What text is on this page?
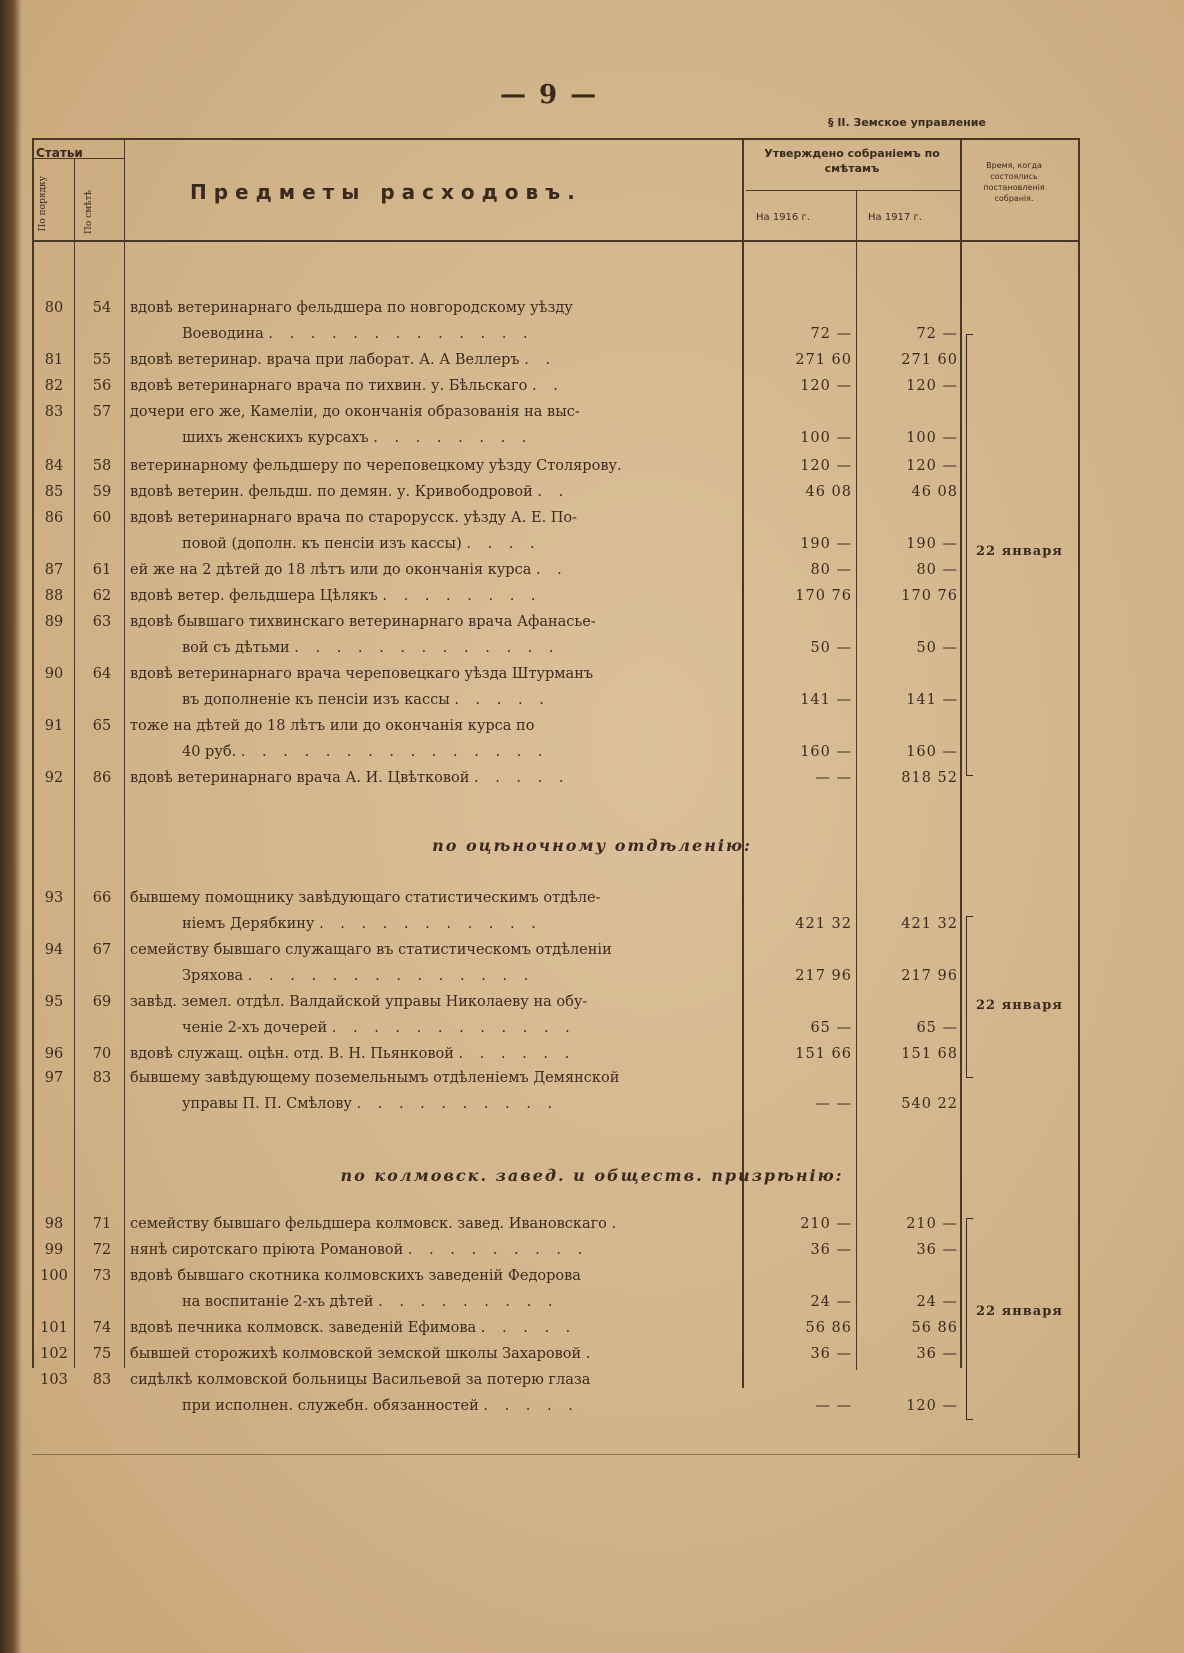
— 9 —
§ II. Земское управление
Статьи
По порядку	По смѣтѣ	Предметы расходовъ.
Утверждено собраніемъ по смѣтамъ
На 1916 г.	На 1917 г.
Время, когда состоялись постановленія собранія.
80	54	вдовѣ ветеринарнаго фельдшера по новгородскому уѣзду
Воеводина . . . . . . . . . . . . .	72 —	72 —
81	55	вдовѣ ветеринар. врача при лаборат. А. А Веллеръ . .	271 60	271 60
82	56	вдовѣ ветеринарнаго врача по тихвин. у. Бѣльскаго . .	120 —	120 —
83	57	дочери его же, Камеліи, до окончанія образованія на выс-
шихъ женскихъ курсахъ . . . . . . . .	100 —	100 —
84	58	ветеринарному фельдшеру по череповецкому уѣзду Столярову.	120 —	120 —
85	59	вдовѣ ветерин. фельдш. по демян. у. Кривободровой . .	46 08	46 08
86	60	вдовѣ ветеринарнаго врача по старорусск. уѣзду А. Е. По-
повой (дополн. къ пенсіи изъ кассы) . . . .	190 —	190 —
87	61	ей же на 2 дѣтей до 18 лѣтъ или до окончанія курса . .	80 —	80 —
88	62	вдовѣ ветер. фельдшера Цѣлякъ . . . . . . . .	170 76	170 76
89	63	вдовѣ бывшаго тихвинскаго ветеринарнаго врача Афанасье-
вой съ дѣтьми . . . . . . . . . . . . .	50 —	50 —
90	64	вдовѣ ветеринарнаго врача череповецкаго уѣзда Штурманъ
въ дополненіе къ пенсіи изъ кассы . . . . .	141 —	141 —
91	65	тоже на дѣтей до 18 лѣтъ или до окончанія курса по
40 руб. . . . . . . . . . . . . . . .	160 —	160 —
92	86	вдовѣ ветеринарнаго врача А. И. Цвѣтковой . . . . .	— —	818 52
22 января
по оцѣночному отдѣленію:
93	66	бывшему помощнику завѣдующаго статистическимъ отдѣле-
ніемъ Дерябкину . . . . . . . . . . .	421 32	421 32
94	67	семейству бывшаго служащаго въ статистическомъ отдѣленіи
Зряхова . . . . . . . . . . . . . .	217 96	217 96
95	69	завѣд. земел. отдѣл. Валдайской управы Николаеву на обу-
ченіе 2-хъ дочерей . . . . . . . . . . . .	65 —	65 —
96	70	вдовѣ служащ. оцѣн. отд. В. Н. Пьянковой . . . . . .	151 66	151 68
97	83	бывшему завѣдующему поземельнымъ отдѣленіемъ Демянской
управы П. П. Смѣлову . . . . . . . . . .	— —	540 22
22 января
по колмовск. завед. и обществ. призрѣнію:
98	71	семейству бывшаго фельдшера колмовск. завед. Ивановскаго .	210 —	210 —
99	72	нянѣ сиротскаго пріюта Романовой . . . . . . . . .	36 —	36 —
100	73	вдовѣ бывшаго скотника колмовскихъ заведеній Федорова
на воспитаніе 2-хъ дѣтей . . . . . . . . .	24 —	24 —
101	74	вдовѣ печника колмовск. заведеній Ефимова . . . . .	56 86	56 86
102	75	бывшей сторожихѣ колмовской земской школы Захаровой .	36 —	36 —
103	83	сидѣлкѣ колмовской больницы Васильевой за потерю глаза
при исполнен. служебн. обязанностей . . . . .	— —	120 —
22 января
